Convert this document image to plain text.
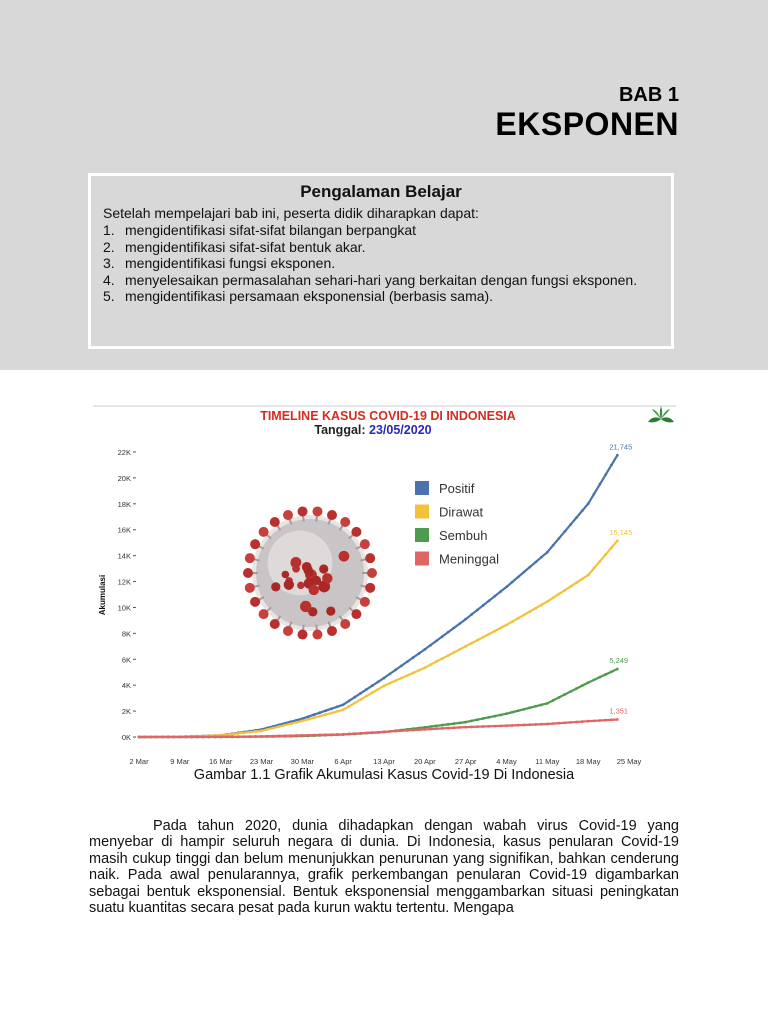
BAB 1
EKSPONEN
Pengalaman Belajar
Setelah mempelajari bab ini, peserta didik diharapkan dapat:
1. mengidentifikasi sifat-sifat bilangan berpangkat
2. mengidentifikasi sifat-sifat bentuk akar.
3. mengidentifikasi fungsi eksponen.
4. menyelesaikan permasalahan sehari-hari yang berkaitan dengan fungsi eksponen.
5. mengidentifikasi persamaan eksponensial (berbasis sama).
TIMELINE KASUS COVID-19 DI INDONESIA
Tanggal: 23/05/2020
Akumulasi
0K
2K
4K
6K
8K
10K
12K
14K
16K
18K
20K
22K
2 Mar	9 Mar	16 Mar 23 Mar 30 Mar	6 Apr	13 Apr	20 Apr	27 Apr	4 May 11 May 18 May 25 May
21,745
15,145
5,249
1,351
Positif
Dirawat
Sembuh
Meninggal
Gambar 1.1 Grafik Akumulasi Kasus Covid-19 Di Indonesia

Pada tahun 2020, dunia dihadapkan dengan wabah virus Covid-19 yang menyebar di hampir seluruh negara di dunia. Di Indonesia, kasus penularan Covid-19 masih cukup tinggi dan belum menunjukkan penurunan yang signifikan, bahkan cenderung naik. Pada awal penularannya, grafik perkembangan penularan Covid-19 digambarkan sebagai bentuk eksponensial. Bentuk eksponensial menggambarkan situasi peningkatan suatu kuantitas secara pesat pada kurun waktu tertentu. Mengapa
